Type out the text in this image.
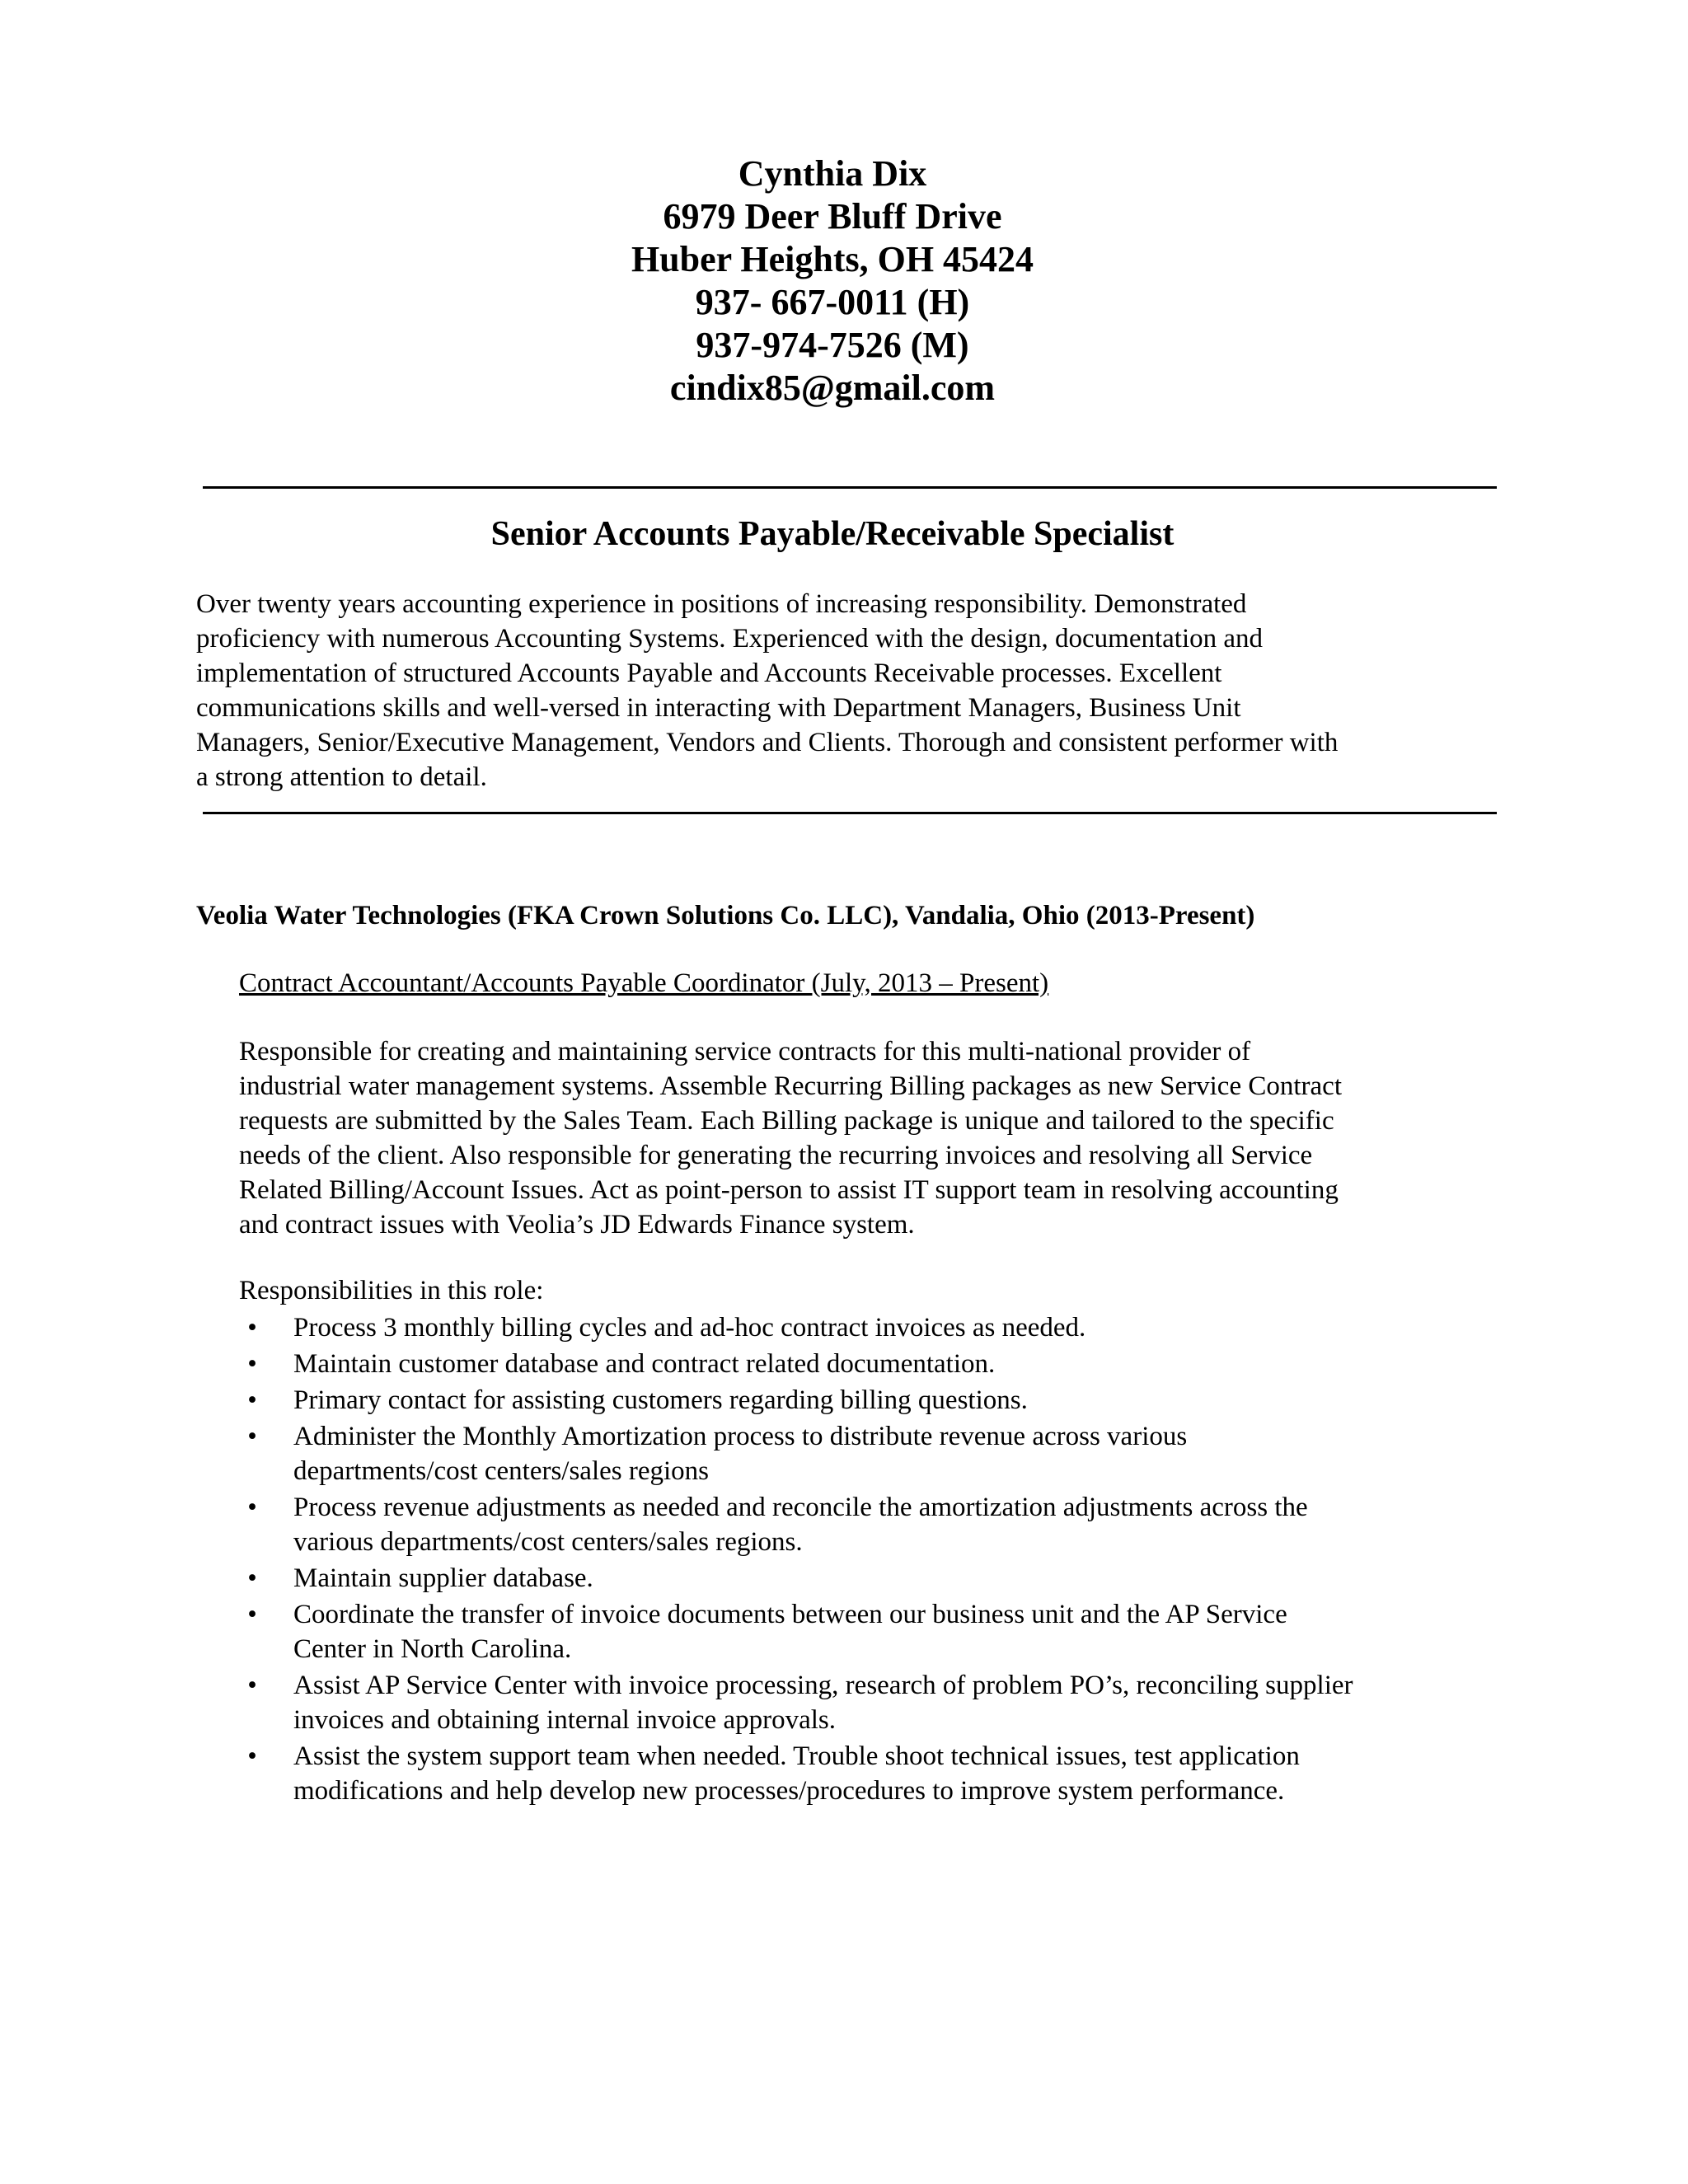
Cynthia Dix
6979 Deer Bluff Drive
Huber Heights, OH 45424
937- 667-0011 (H)
937-974-7526 (M)
cindix85@gmail.com
Senior Accounts Payable/Receivable Specialist
Over twenty years accounting experience in positions of increasing responsibility. Demonstrated
proficiency with numerous Accounting Systems. Experienced with the design, documentation and
implementation of structured Accounts Payable and Accounts Receivable processes. Excellent
communications skills and well-versed in interacting with Department Managers, Business Unit
Managers, Senior/Executive Management, Vendors and Clients. Thorough and consistent performer with
a strong attention to detail.
Veolia Water Technologies (FKA Crown Solutions Co. LLC), Vandalia, Ohio (2013-Present)
Contract Accountant/Accounts Payable Coordinator (July, 2013 – Present)
Responsible for creating and maintaining service contracts for this multi-national provider of
industrial water management systems. Assemble Recurring Billing packages as new Service Contract
requests are submitted by the Sales Team. Each Billing package is unique and tailored to the specific
needs of the client. Also responsible for generating the recurring invoices and resolving all Service
Related Billing/Account Issues. Act as point-person to assist IT support team in resolving accounting
and contract issues with Veolia’s JD Edwards Finance system.
Responsibilities in this role:
• Process 3 monthly billing cycles and ad-hoc contract invoices as needed.
• Maintain customer database and contract related documentation.
• Primary contact for assisting customers regarding billing questions.
• Administer the Monthly Amortization process to distribute revenue across various
departments/cost centers/sales regions
• Process revenue adjustments as needed and reconcile the amortization adjustments across the
various departments/cost centers/sales regions.
• Maintain supplier database.
• Coordinate the transfer of invoice documents between our business unit and the AP Service
Center in North Carolina.
• Assist AP Service Center with invoice processing, research of problem PO’s, reconciling supplier
invoices and obtaining internal invoice approvals.
• Assist the system support team when needed. Trouble shoot technical issues, test application
modifications and help develop new processes/procedures to improve system performance.
